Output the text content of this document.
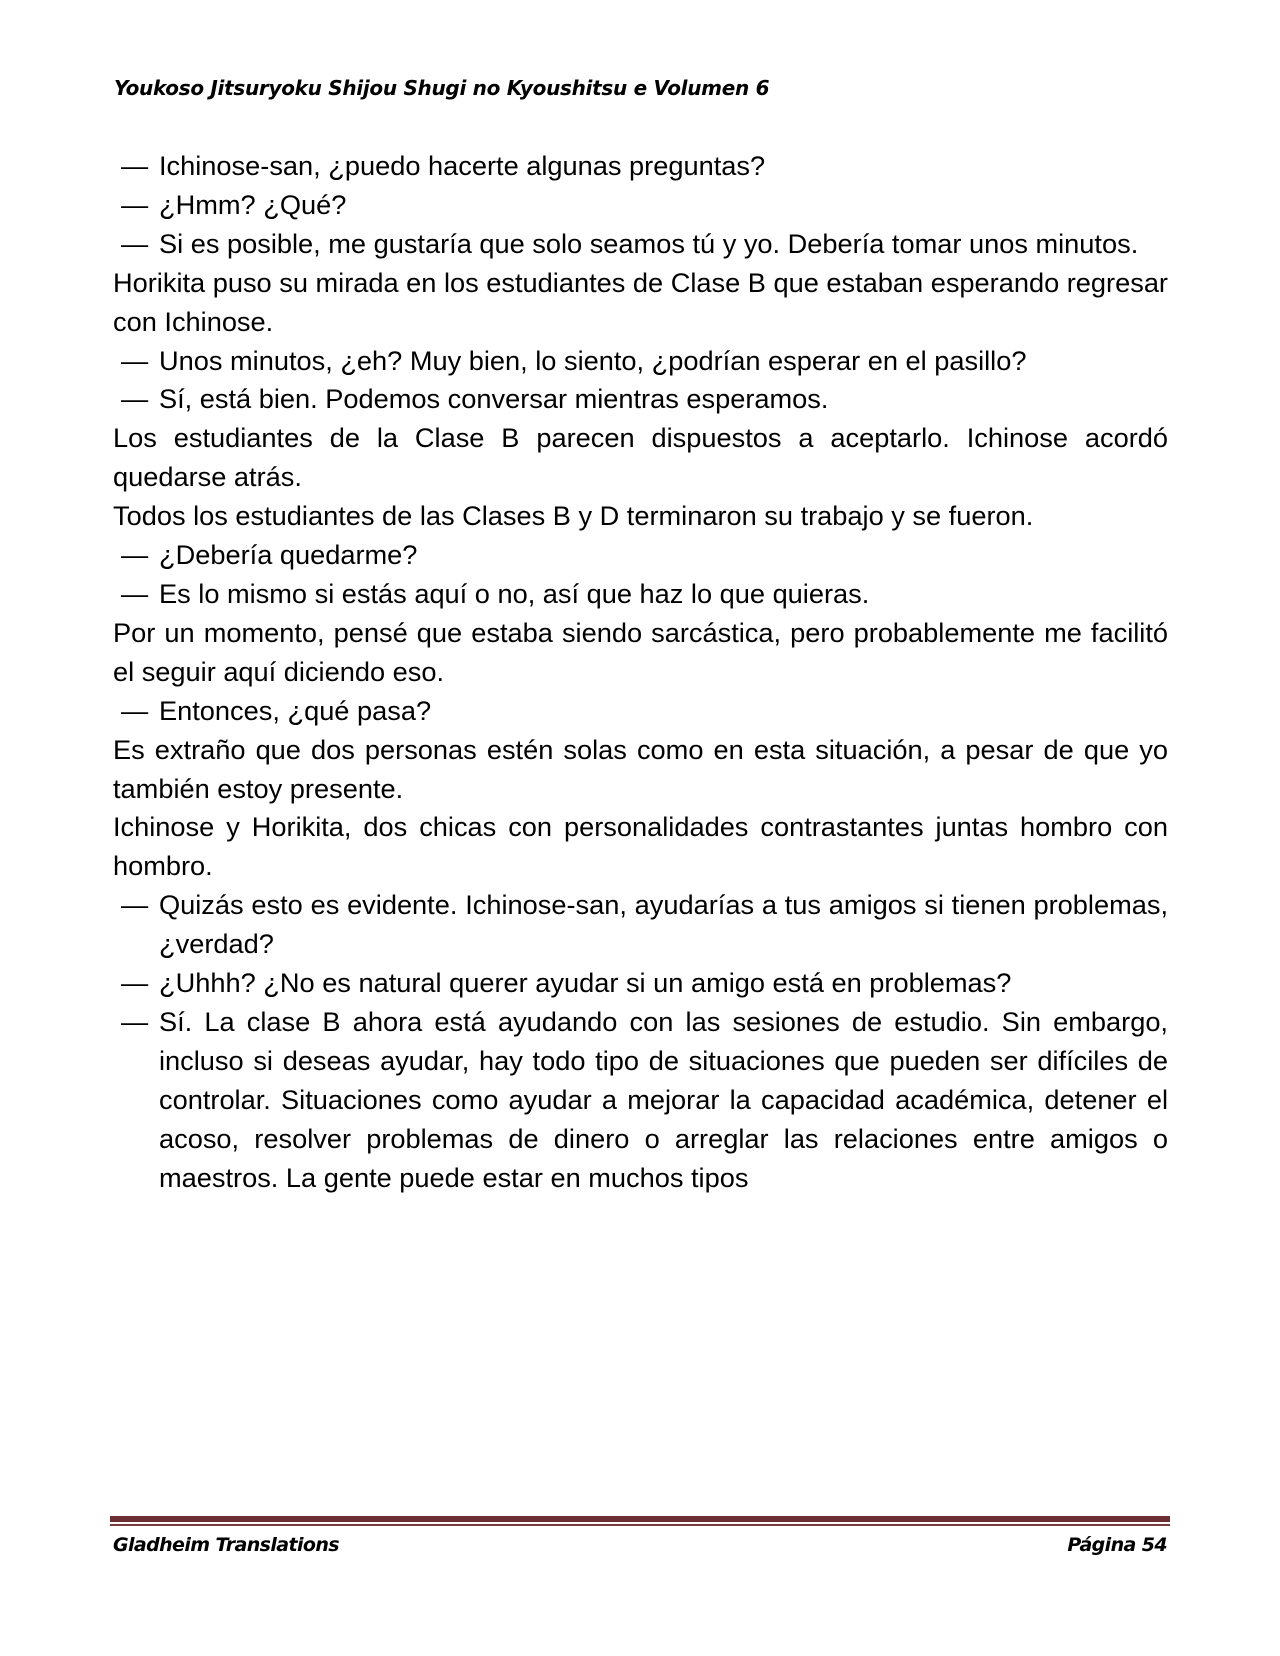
Youkoso Jitsuryoku Shijou Shugi no Kyoushitsu e Volumen 6
— Ichinose-san, ¿puedo hacerte algunas preguntas?
— ¿Hmm? ¿Qué?
— Si es posible, me gustaría que solo seamos tú y yo. Debería tomar unos minutos.

Horikita puso su mirada en los estudiantes de Clase B que estaban esperando regresar con Ichinose.

— Unos minutos, ¿eh? Muy bien, lo siento, ¿podrían esperar en el pasillo?
— Sí, está bien. Podemos conversar mientras esperamos.

Los estudiantes de la Clase B parecen dispuestos a aceptarlo. Ichinose acordó quedarse atrás.

Todos los estudiantes de las Clases B y D terminaron su trabajo y se fueron.

— ¿Debería quedarme?
— Es lo mismo si estás aquí o no, así que haz lo que quieras.

Por un momento, pensé que estaba siendo sarcástica, pero probablemente me facilitó el seguir aquí diciendo eso.

— Entonces, ¿qué pasa?

Es extraño que dos personas estén solas como en esta situación, a pesar de que yo también estoy presente.

Ichinose y Horikita, dos chicas con personalidades contrastantes juntas hombro con hombro.

— Quizás esto es evidente. Ichinose-san, ayudarías a tus amigos si tienen problemas, ¿verdad?
— ¿Uhhh? ¿No es natural querer ayudar si un amigo está en problemas?
— Sí. La clase B ahora está ayudando con las sesiones de estudio. Sin embargo, incluso si deseas ayudar, hay todo tipo de situaciones que pueden ser difíciles de controlar. Situaciones como ayudar a mejorar la capacidad académica, detener el acoso, resolver problemas de dinero o arreglar las relaciones entre amigos o maestros. La gente puede estar en muchos tipos
Gladheim Translations	Página 54
